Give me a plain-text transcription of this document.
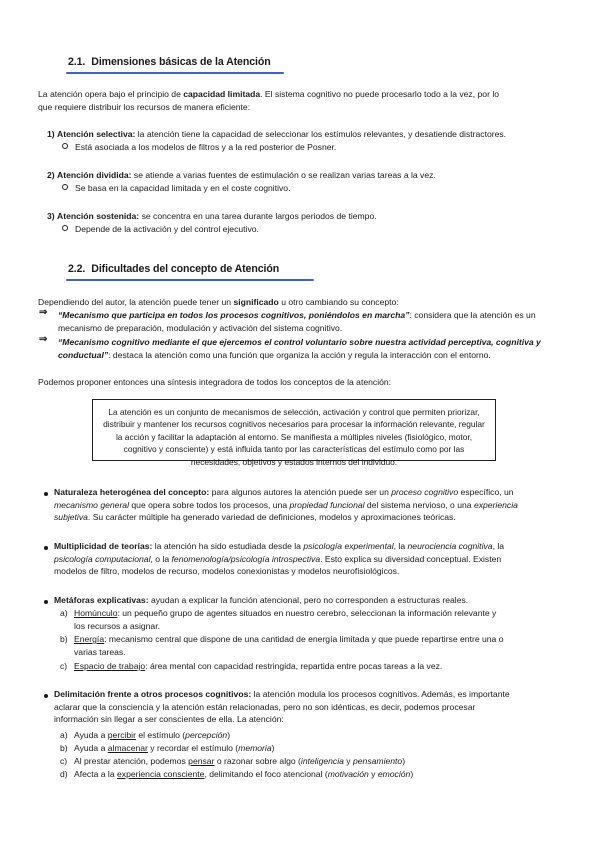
2.1. Dimensiones básicas de la Atención
La atención opera bajo el principio de capacidad limitada. El sistema cognitivo no puede procesarlo todo a la vez, por lo
que requiere distribuir los recursos de manera eficiente:
1) Atención selectiva: la atención tiene la capacidad de seleccionar los estímulos relevantes, y desatiende distractores.
Está asociada a los modelos de filtros y a la red posterior de Posner.
2) Atención dividida: se atiende a varias fuentes de estimulación o se realizan varias tareas a la vez.
Se basa en la capacidad limitada y en el coste cognitivo.
3) Atención sostenida: se concentra en una tarea durante largos periodos de tiempo.
Depende de la activación y del control ejecutivo.
2.2. Dificultades del concepto de Atención
Dependiendo del autor, la atención puede tener un significado u otro cambiando su concepto:
⇒ “Mecanismo que participa en todos los procesos cognitivos, poniéndolos en marcha”: considera que la atención es un
mecanismo de preparación, modulación y activación del sistema cognitivo.
⇒ “Mecanismo cognitivo mediante el que ejercemos el control voluntario sobre nuestra actividad perceptiva, cognitiva y
conductual”: destaca la atención como una función que organiza la acción y regula la interacción con el entorno.
Podemos proponer entonces una síntesis integradora de todos los conceptos de la atención:
La atención es un conjunto de mecanismos de selección, activación y control que permiten priorizar, distribuir y mantener los recursos cognitivos necesarios para procesar la información relevante, regular la acción y facilitar la adaptación al entorno. Se manifiesta a múltiples niveles (fisiológico, motor, cognitivo y consciente) y está influida tanto por las características del estímulo como por las necesidades, objetivos y estados internos del individuo.
Naturaleza heterogénea del concepto: para algunos autores la atención puede ser un proceso cognitivo específico, un
mecanismo general que opera sobre todos los procesos, una propiedad funcional del sistema nervioso, o una experiencia
subjetiva. Su carácter múltiple ha generado variedad de definiciones, modelos y aproximaciones teóricas.
Multiplicidad de teorías: la atención ha sido estudiada desde la psicología experimental, la neurociencia cognitiva, la
psicología computacional, o la fenomenología/psicología introspectiva. Esto explica su diversidad conceptual. Existen
modelos de filtro, modelos de recurso, modelos conexionistas y modelos neurofisiológicos.
Metáforas explicativas: ayudan a explicar la función atencional, pero no corresponden a estructuras reales.
a) Homúnculo: un pequeño grupo de agentes situados en nuestro cerebro, seleccionan la información relevante y
los recursos a asignar.
b) Energía: mecanismo central que dispone de una cantidad de energía limitada y que puede repartirse entre una o
varias tareas.
c) Espacio de trabajo: área mental con capacidad restringida, repartida entre pocas tareas a la vez.
Delimitación frente a otros procesos cognitivos: la atención modula los procesos cognitivos. Además, es importante
aclarar que la consciencia y la atención están relacionadas, pero no son idénticas, es decir, podemos procesar
información sin llegar a ser conscientes de ella. La atención:
a) Ayuda a percibir el estímulo (percepción)
b) Ayuda a almacenar y recordar el estímulo (memoria)
c) Al prestar atención, podemos pensar o razonar sobre algo (inteligencia y pensamiento)
d) Afecta a la experiencia consciente, delimitando el foco atencional (motivación y emoción)
